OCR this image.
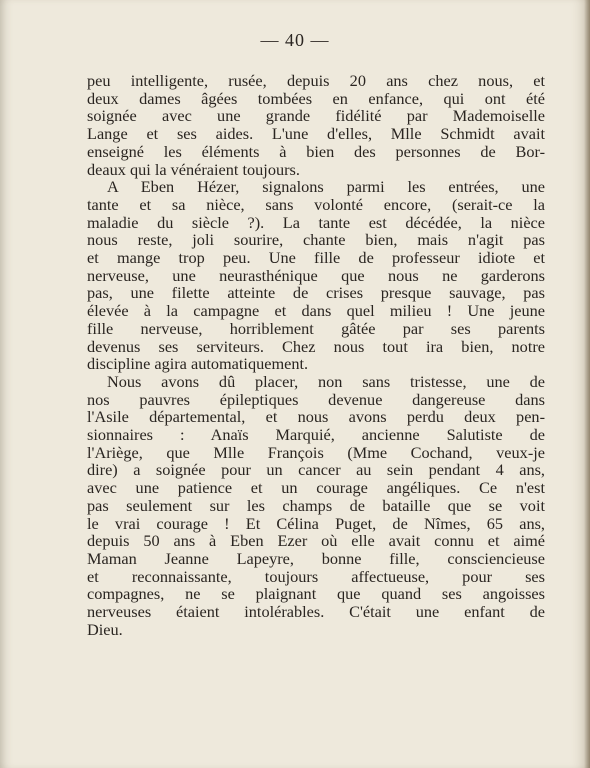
— 40 —

peu intelligente, rusée, depuis 20 ans chez nous, et
deux dames âgées tombées en enfance, qui ont été
soignée avec une grande fidélité par Mademoiselle
Lange et ses aides. L'une d'elles, Mlle Schmidt avait
enseigné les éléments à bien des personnes de Bor-
deaux qui la vénéraient toujours.

A Eben Hézer, signalons parmi les entrées, une
tante et sa nièce, sans volonté encore, (serait-ce la
maladie du siècle ?). La tante est décédée, la nièce
nous reste, joli sourire, chante bien, mais n'agit pas
et mange trop peu. Une fille de professeur idiote et
nerveuse, une neurasthénique que nous ne garderons
pas, une filette atteinte de crises presque sauvage, pas
élevée à la campagne et dans quel milieu ! Une jeune
fille nerveuse, horriblement gâtée par ses parents
devenus ses serviteurs. Chez nous tout ira bien, notre
discipline agira automatiquement.

Nous avons dû placer, non sans tristesse, une de
nos pauvres épileptiques devenue dangereuse dans
l'Asile départemental, et nous avons perdu deux pen-
sionnaires : Anaïs Marquié, ancienne Salutiste de
l'Ariège, que Mlle François (Mme Cochand, veux-je
dire) a soignée pour un cancer au sein pendant 4 ans,
avec une patience et un courage angéliques. Ce n'est
pas seulement sur les champs de bataille que se voit
le vrai courage ! Et Célina Puget, de Nîmes, 65 ans,
depuis 50 ans à Eben Ezer où elle avait connu et aimé
Maman Jeanne Lapeyre, bonne fille, consciencieuse
et reconnaissante, toujours affectueuse, pour ses
compagnes, ne se plaignant que quand ses angoisses
nerveuses étaient intolérables. C'était une enfant de
Dieu.
